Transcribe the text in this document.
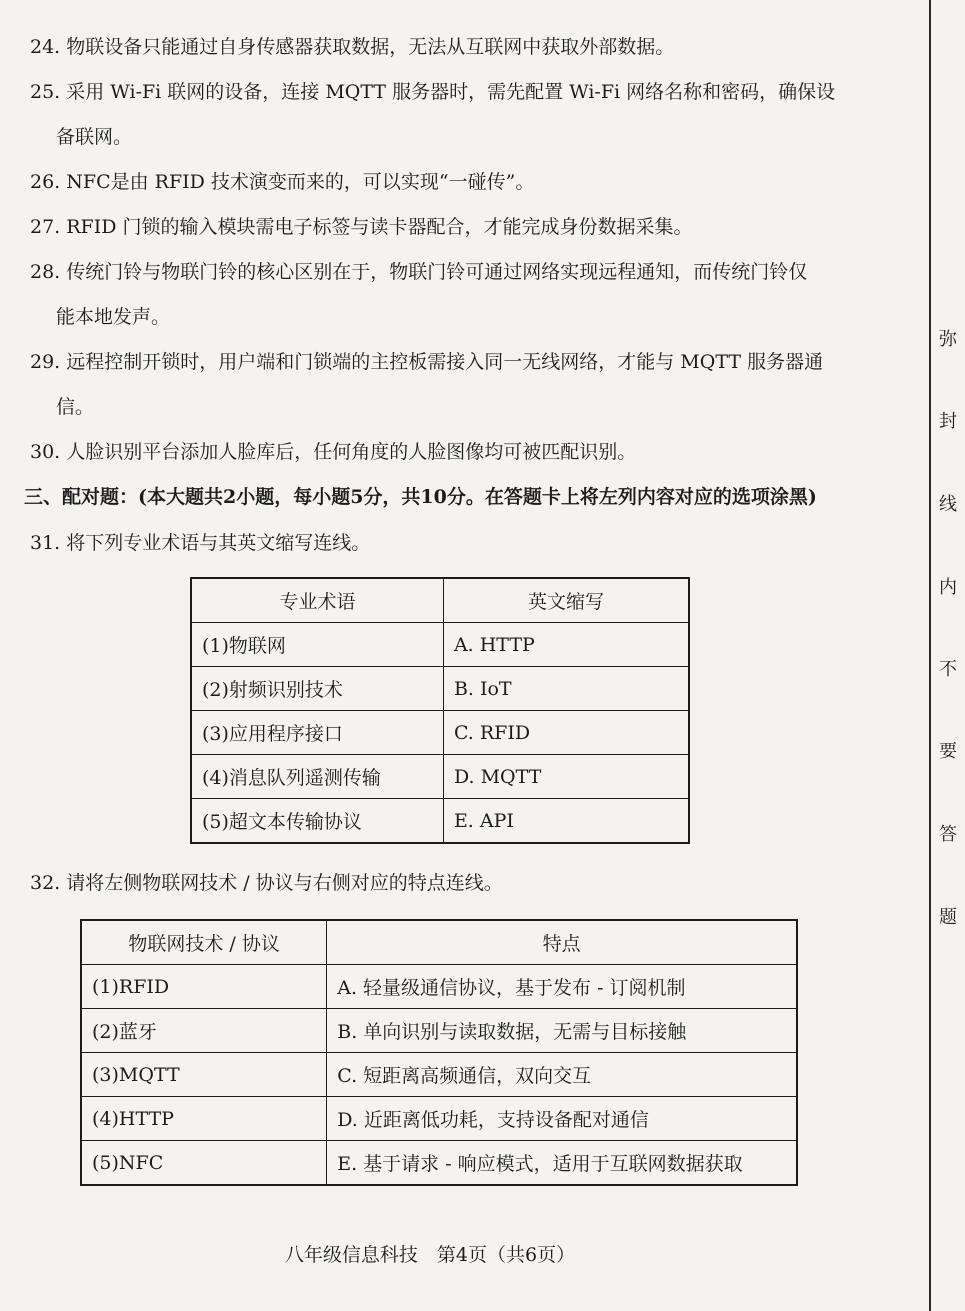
24. 物联设备只能通过自身传感器获取数据，无法从互联网中获取外部数据。
25. 采用 Wi-Fi 联网的设备，连接 MQTT 服务器时，需先配置 Wi-Fi 网络名称和密码，确保设
备联网。
26. NFC是由 RFID 技术演变而来的，可以实现“一碰传”。
27. RFID 门锁的输入模块需电子标签与读卡器配合，才能完成身份数据采集。
28. 传统门铃与物联门铃的核心区别在于，物联门铃可通过网络实现远程通知，而传统门铃仅
能本地发声。
29. 远程控制开锁时，用户端和门锁端的主控板需接入同一无线网络，才能与 MQTT 服务器通
信。
30. 人脸识别平台添加人脸库后，任何角度的人脸图像均可被匹配识别。
三、配对题：(本大题共2小题，每小题5分，共10分。在答题卡上将左列内容对应的选项涂黑)
31. 将下列专业术语与其英文缩写连线。
专业术语	英文缩写
(1)物联网	A. HTTP
(2)射频识别技术	B. IoT
(3)应用程序接口	C. RFID
(4)消息队列遥测传输	D. MQTT
(5)超文本传输协议	E. API
32. 请将左侧物联网技术 / 协议与右侧对应的特点连线。
物联网技术 / 协议	特点
(1)RFID	A. 轻量级通信协议，基于发布 - 订阅机制
(2)蓝牙	B. 单向识别与读取数据，无需与目标接触
(3)MQTT	C. 短距离高频通信，双向交互
(4)HTTP	D. 近距离低功耗，支持设备配对通信
(5)NFC	E. 基于请求 - 响应模式，适用于互联网数据获取
八年级信息科技　第4页（共6页）
弥
封
线
内
不
要
答
题
